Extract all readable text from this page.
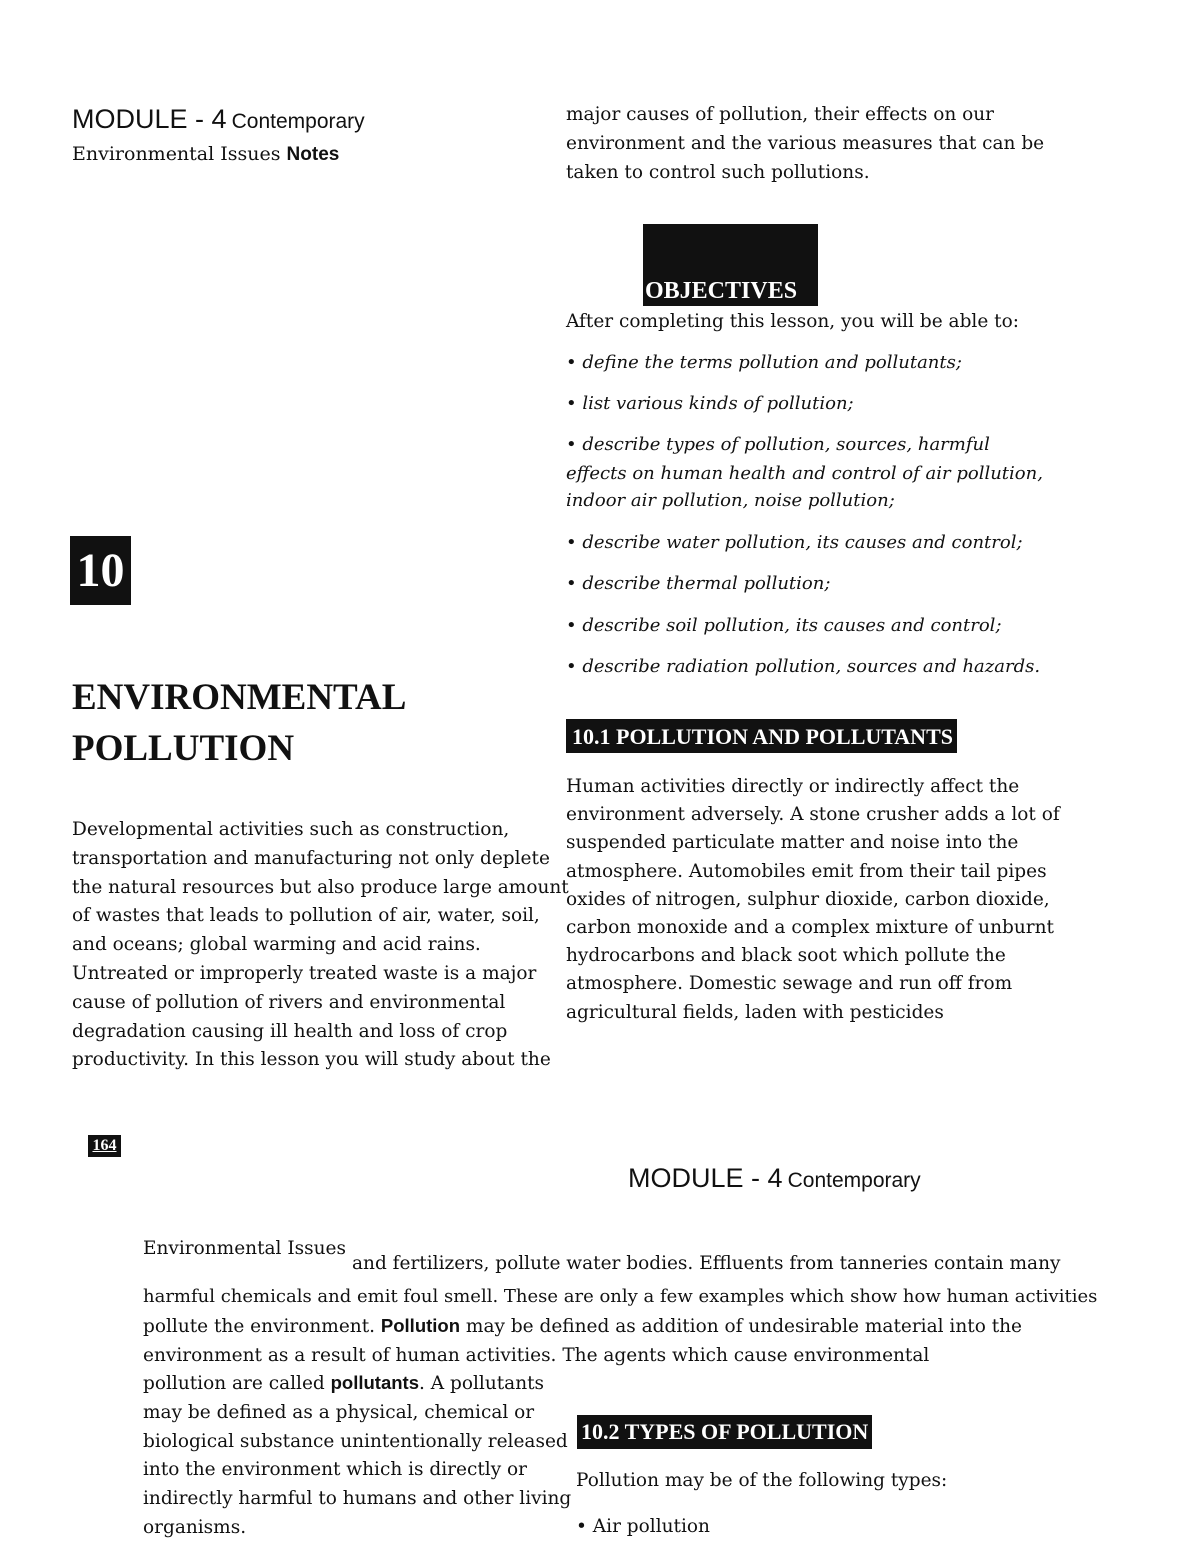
MODULE - 4 Contemporary
Environmental Issues Notes
major causes of pollution, their effects on our
environment and the various measures that can be
taken to control such pollutions.
OBJECTIVES
After completing this lesson, you will be able to:
• define the terms pollution and pollutants;
• list various kinds of pollution;
• describe types of pollution, sources, harmful
effects on human health and control of air pollution,
indoor air pollution, noise pollution;
• describe water pollution, its causes and control;
• describe thermal pollution;
• describe soil pollution, its causes and control;
• describe radiation pollution, sources and hazards.
10
ENVIRONMENTAL
POLLUTION
Developmental activities such as construction,
transportation and manufacturing not only deplete
the natural resources but also produce large amount
of wastes that leads to pollution of air, water, soil,
and oceans; global warming and acid rains.
Untreated or improperly treated waste is a major
cause of pollution of rivers and environmental
degradation causing ill health and loss of crop
productivity. In this lesson you will study about the
10.1 POLLUTION AND POLLUTANTS
Human activities directly or indirectly affect the
environment adversely. A stone crusher adds a lot of
suspended particulate matter and noise into the
atmosphere. Automobiles emit from their tail pipes
oxides of nitrogen, sulphur dioxide, carbon dioxide,
carbon monoxide and a complex mixture of unburnt
hydrocarbons and black soot which pollute the
atmosphere. Domestic sewage and run off from
agricultural fields, laden with pesticides
164
MODULE - 4 Contemporary
Environmental Issues
and fertilizers, pollute water bodies. Effluents from tanneries contain many
harmful chemicals and emit foul smell. These are only a few examples which show how human activities
pollute the environment. Pollution may be defined as addition of undesirable material into the
environment as a result of human activities. The agents which cause environmental
pollution are called pollutants. A pollutants
may be defined as a physical, chemical or
biological substance unintentionally released
into the environment which is directly or
indirectly harmful to humans and other living
organisms.
10.2 TYPES OF POLLUTION
Pollution may be of the following types:
• Air pollution
